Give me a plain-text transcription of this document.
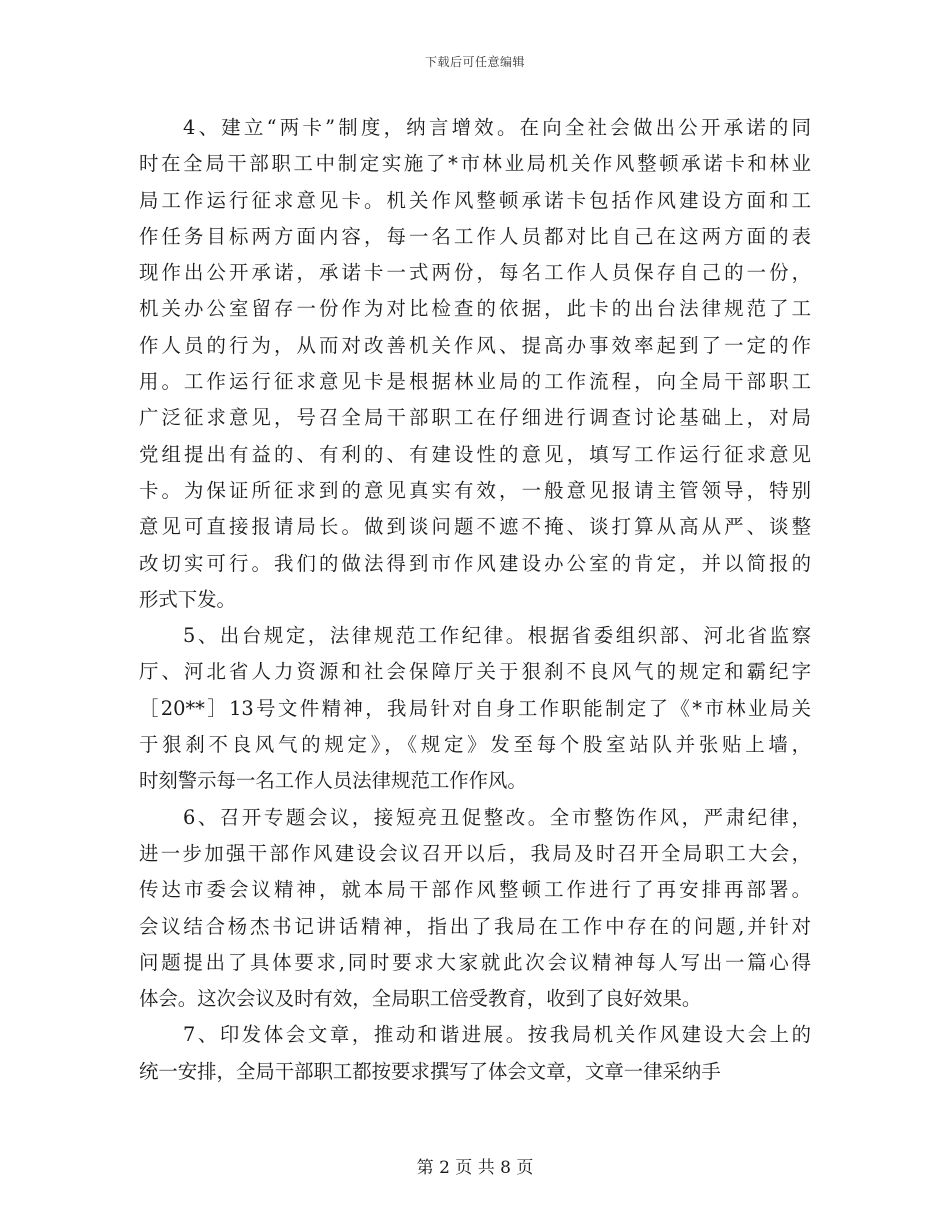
下载后可任意编辑
4、建立“两卡”制度，纳言增效。在向全社会做出公开承诺的同
时在全局干部职工中制定实施了*市林业局机关作风整顿承诺卡和林业
局工作运行征求意见卡。机关作风整顿承诺卡包括作风建设方面和工
作任务目标两方面内容，每一名工作人员都对比自己在这两方面的表
现作出公开承诺，承诺卡一式两份，每名工作人员保存自己的一份，
机关办公室留存一份作为对比检查的依据，此卡的出台法律规范了工
作人员的行为，从而对改善机关作风、提高办事效率起到了一定的作
用。工作运行征求意见卡是根据林业局的工作流程，向全局干部职工
广泛征求意见，号召全局干部职工在仔细进行调查讨论基础上，对局
党组提出有益的、有利的、有建设性的意见，填写工作运行征求意见
卡。为保证所征求到的意见真实有效，一般意见报请主管领导，特别
意见可直接报请局长。做到谈问题不遮不掩、谈打算从高从严、谈整
改切实可行。我们的做法得到市作风建设办公室的肯定，并以简报的
形式下发。
5、出台规定，法律规范工作纪律。根据省委组织部、河北省监察
厅、河北省人力资源和社会保障厅关于狠刹不良风气的规定和霸纪字
［20**］13号文件精神，我局针对自身工作职能制定了《*市林业局关
于狠刹不良风气的规定》，《规定》发至每个股室站队并张贴上墙，
时刻警示每一名工作人员法律规范工作作风。
6、召开专题会议，接短亮丑促整改。全市整饬作风，严肃纪律，
进一步加强干部作风建设会议召开以后，我局及时召开全局职工大会，
传达市委会议精神，就本局干部作风整顿工作进行了再安排再部署。
会议结合杨杰书记讲话精神，指出了我局在工作中存在的问题,并针对
问题提出了具体要求,同时要求大家就此次会议精神每人写出一篇心得
体会。这次会议及时有效，全局职工倍受教育，收到了良好效果。
7、印发体会文章，推动和谐进展。按我局机关作风建设大会上的
统一安排，全局干部职工都按要求撰写了体会文章，文章一律采纳手
第 2 页 共 8 页
